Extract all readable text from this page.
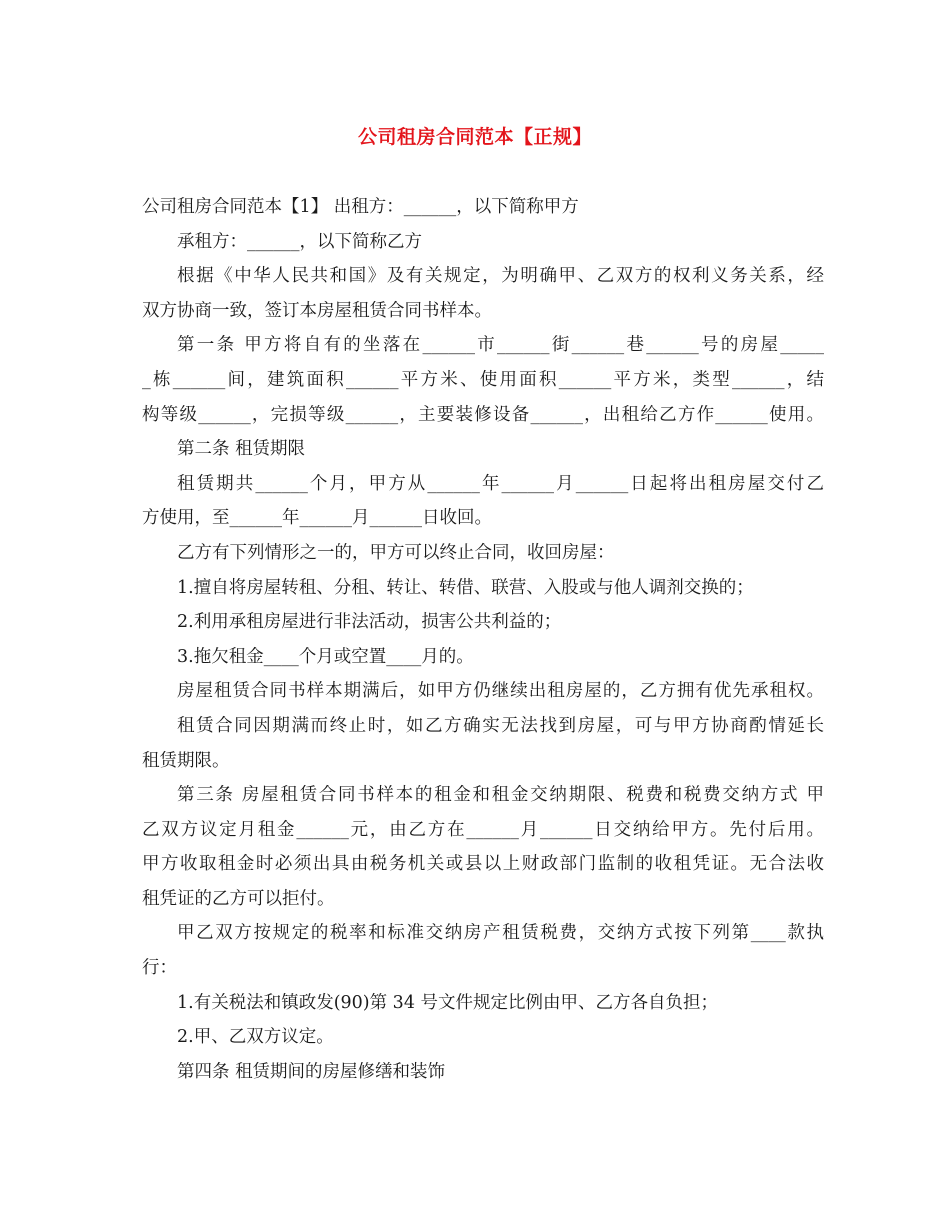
公司租房合同范本【正规】
公司租房合同范本【1】 出租方：______，以下简称甲方
承租方：______，以下简称乙方
根据《中华人民共和国》及有关规定，为明确甲、乙双方的权利义务关系，经
双方协商一致，签订本房屋租赁合同书样本。
第一条 甲方将自有的坐落在______市______街______巷______号的房屋_____
_栋______间，建筑面积______平方米、使用面积______平方米，类型______，结
构等级______，完损等级______，主要装修设备______，出租给乙方作______使用。
第二条 租赁期限
租赁期共______个月，甲方从______年______月______日起将出租房屋交付乙
方使用，至______年______月______日收回。
乙方有下列情形之一的，甲方可以终止合同，收回房屋：
1.擅自将房屋转租、分租、转让、转借、联营、入股或与他人调剂交换的；
2.利用承租房屋进行非法活动，损害公共利益的；
3.拖欠租金____个月或空置____月的。
房屋租赁合同书样本期满后，如甲方仍继续出租房屋的，乙方拥有优先承租权。
租赁合同因期满而终止时，如乙方确实无法找到房屋，可与甲方协商酌情延长
租赁期限。
第三条 房屋租赁合同书样本的租金和租金交纳期限、税费和税费交纳方式 甲
乙双方议定月租金______元，由乙方在______月______日交纳给甲方。先付后用。
甲方收取租金时必须出具由税务机关或县以上财政部门监制的收租凭证。无合法收
租凭证的乙方可以拒付。
甲乙双方按规定的税率和标准交纳房产租赁税费，交纳方式按下列第____款执
行：
1.有关税法和镇政发(90)第 34 号文件规定比例由甲、乙方各自负担；
2.甲、乙双方议定。
第四条 租赁期间的房屋修缮和装饰
